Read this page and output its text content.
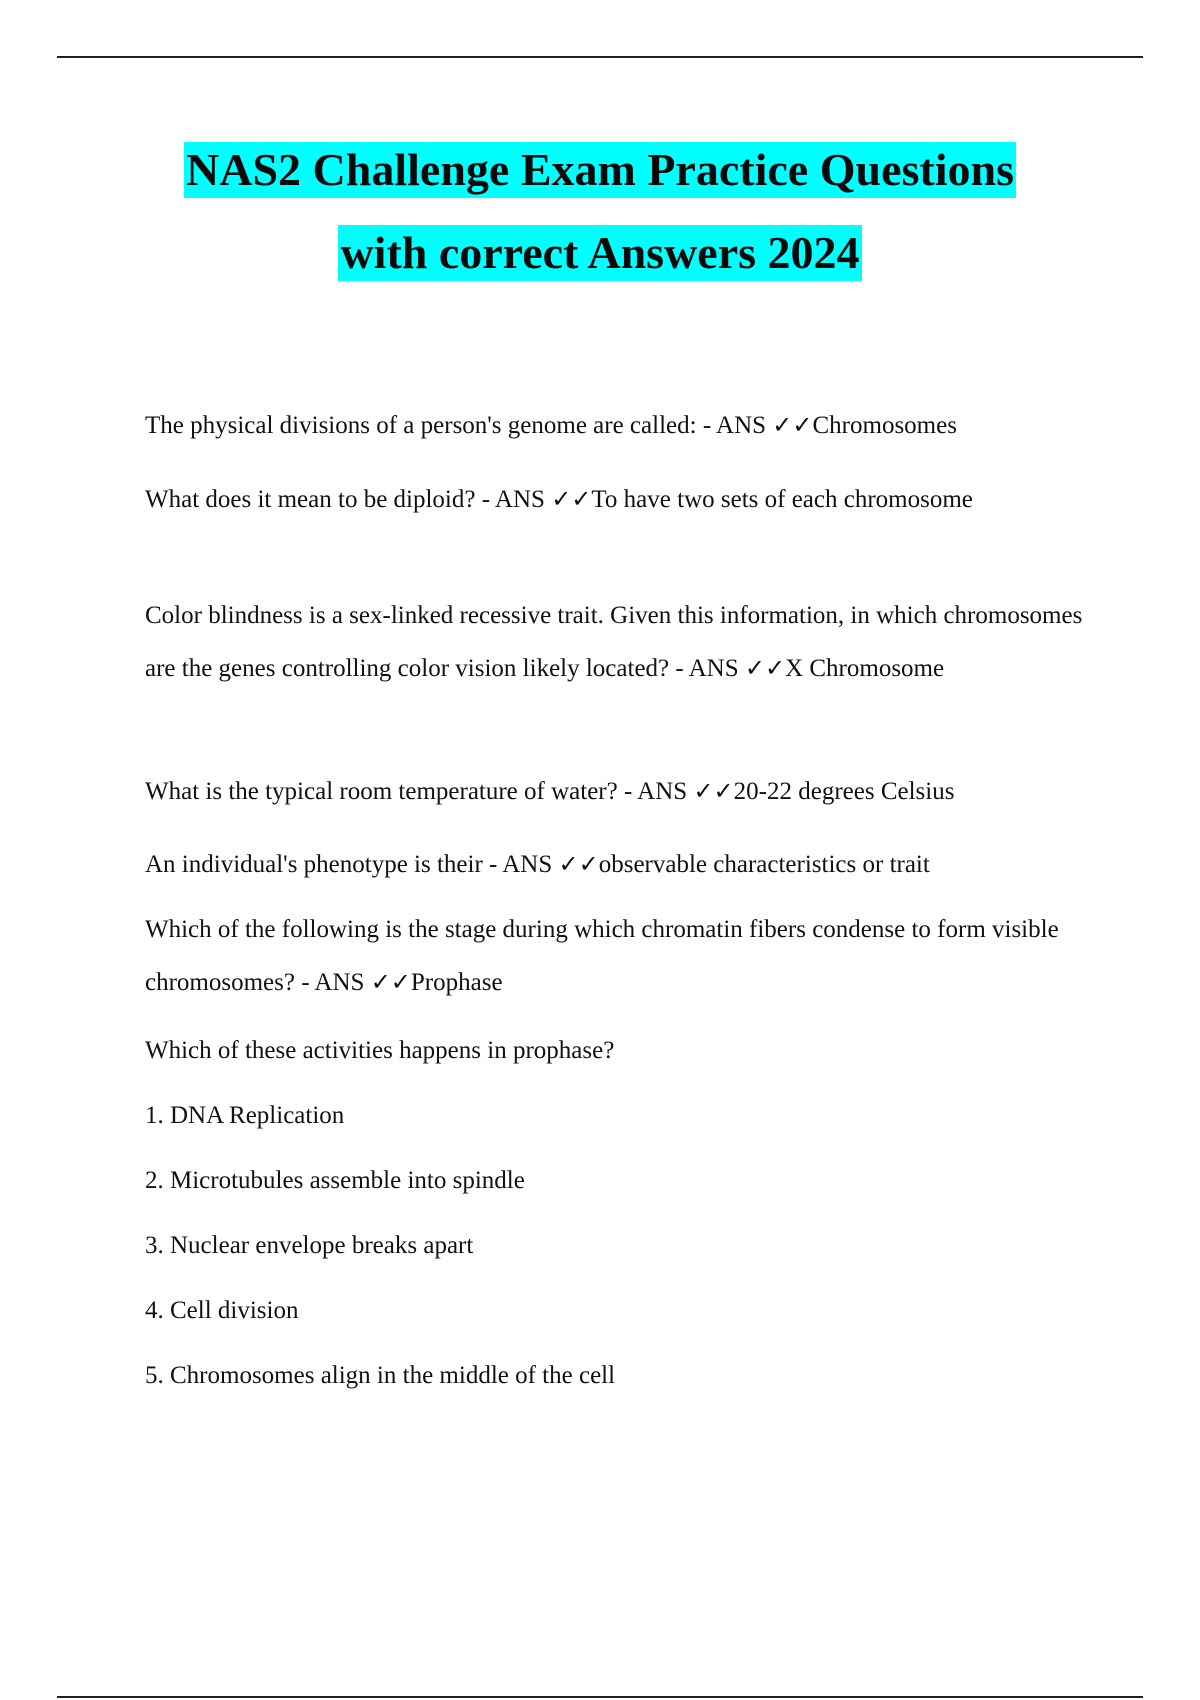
NAS2 Challenge Exam Practice Questions
with correct Answers 2024
The physical divisions of a person's genome are called: - ANS ✓✓Chromosomes
What does it mean to be diploid? - ANS ✓✓To have two sets of each chromosome
Color blindness is a sex-linked recessive trait. Given this information, in which chromosomes are the genes controlling color vision likely located? - ANS ✓✓X Chromosome
What is the typical room temperature of water? - ANS ✓✓20-22 degrees Celsius
An individual's phenotype is their - ANS ✓✓observable characteristics or trait
Which of the following is the stage during which chromatin fibers condense to form visible chromosomes? - ANS ✓✓Prophase
Which of these activities happens in prophase?
1. DNA Replication
2. Microtubules assemble into spindle
3. Nuclear envelope breaks apart
4. Cell division
5. Chromosomes align in the middle of the cell
